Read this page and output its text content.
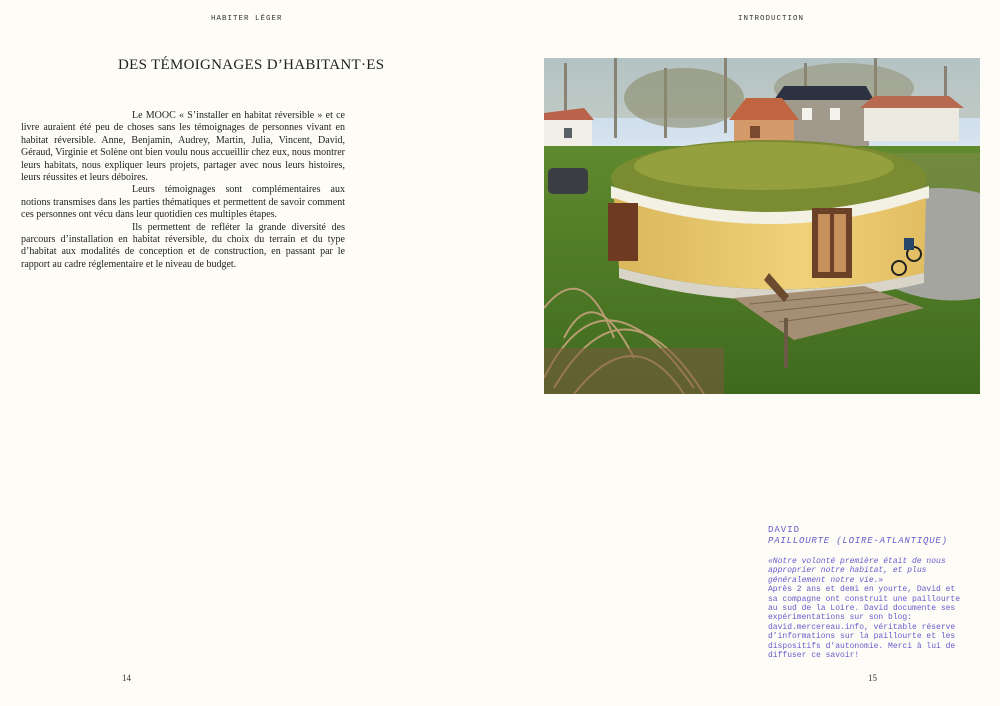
HABITER LÉGER	INTRODUCTION
DES TÉMOIGNAGES D’HABITANT·ES

Le MOOC « S’installer en habitat réversible » et ce livre auraient été peu de choses sans les témoignages de personnes vivant en habitat réversible. Anne, Benjamin, Audrey, Martin, Julia, Vincent, David, Géraud, Virginie et Solène ont bien voulu nous accueillir chez eux, nous montrer leurs habitats, nous expliquer leurs projets, partager avec nous leurs histoires, leurs réussites et leurs déboires.

Leurs témoignages sont complémentaires aux notions transmises dans les parties thématiques et permettent de savoir comment ces personnes ont vécu dans leur quotidien ces multiples étapes.

Ils permettent de refléter la grande diversité des parcours d’installation en habitat réversible, du choix du terrain et du type d’habitat aux modalités de conception et de construction, en passant par le rapport au cadre réglementaire et le niveau de budget.

DAVID
PAILLOURTE (LOIRE-ATLANTIQUE)
«Notre volonté première était de nous approprier notre habitat, et plus généralement notre vie.»
Après 2 ans et demi en yourte, David et sa compagne ont construit une paillourte au sud de la Loire. David documente ses expérimentations sur son blog: david.mercereau.info, véritable réserve d’informations sur la paillourte et les dispositifs d’autonomie. Merci à lui de diffuser ce savoir!
14	15
